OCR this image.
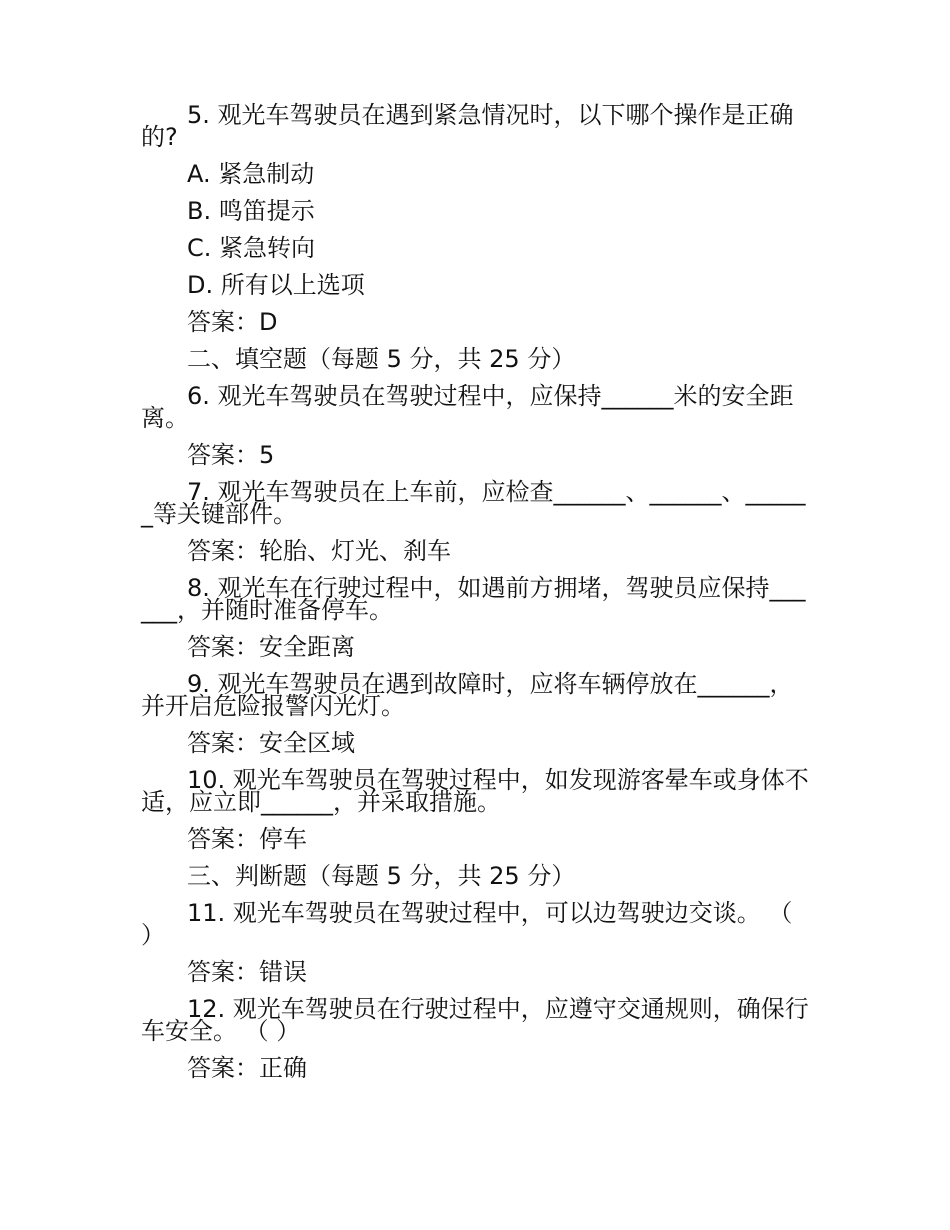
5. 观光车驾驶员在遇到紧急情况时，以下哪个操作是正确的?

A. 紧急制动

B. 鸣笛提示

C. 紧急转向

D. 所有以上选项

答案：D

二、填空题（每题 5 分，共 25 分）

6. 观光车驾驶员在驾驶过程中，应保持______米的安全距离。

答案：5

7. 观光车驾驶员在上车前，应检查______、______、______等关键部件。

答案：轮胎、灯光、刹车

8. 观光车在行驶过程中，如遇前方拥堵，驾驶员应保持______，并随时准备停车。

答案：安全距离

9. 观光车驾驶员在遇到故障时，应将车辆停放在______，并开启危险报警闪光灯。

答案：安全区域

10. 观光车驾驶员在驾驶过程中，如发现游客晕车或身体不适，应立即______，并采取措施。

答案：停车

三、判断题（每题 5 分，共 25 分）

11. 观光车驾驶员在驾驶过程中，可以边驾驶边交谈。 （ ）

答案：错误

12. 观光车驾驶员在行驶过程中，应遵守交通规则，确保行车安全。 （ ）

答案：正确
